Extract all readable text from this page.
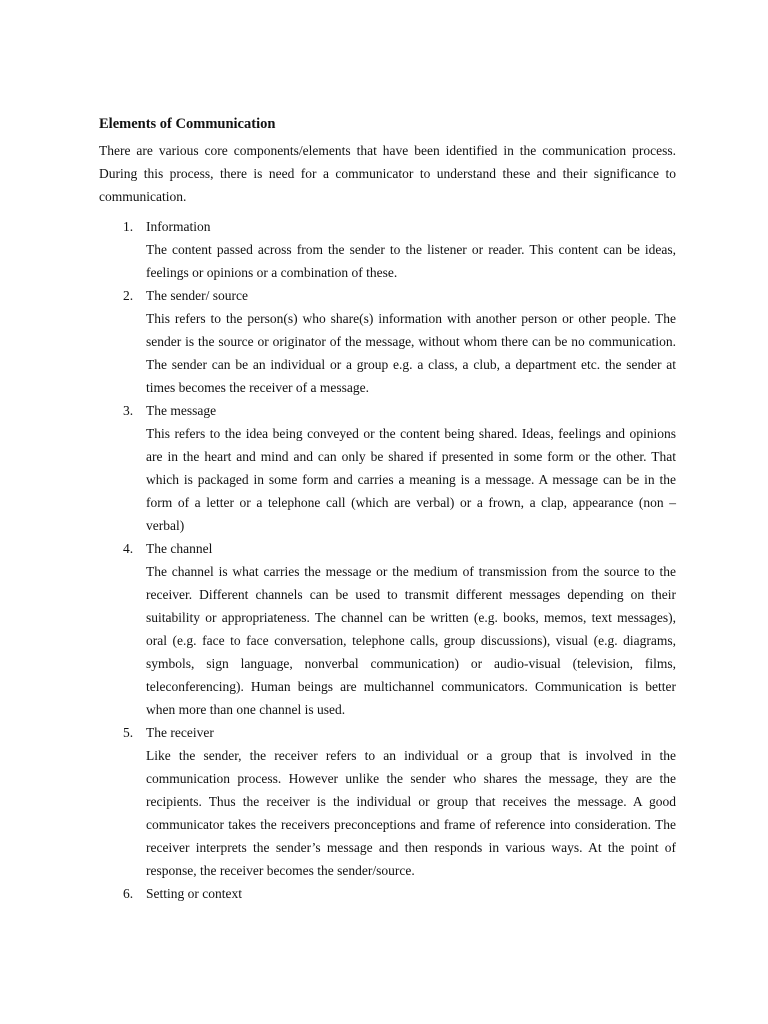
Elements of Communication

There are various core components/elements that have been identified in the communication process. During this process, there is need for a communicator to understand these and their significance to communication.

1. Information
The content passed across from the sender to the listener or reader. This content can be ideas, feelings or opinions or a combination of these.
2. The sender/ source
This refers to the person(s) who share(s) information with another person or other people. The sender is the source or originator of the message, without whom there can be no communication. The sender can be an individual or a group e.g. a class, a club, a department etc. the sender at times becomes the receiver of a message.
3. The message
This refers to the idea being conveyed or the content being shared. Ideas, feelings and opinions are in the heart and mind and can only be shared if presented in some form or the other. That which is packaged in some form and carries a meaning is a message. A message can be in the form of a letter or a telephone call (which are verbal) or a frown, a clap, appearance (non – verbal)
4. The channel
The channel is what carries the message or the medium of transmission from the source to the receiver. Different channels can be used to transmit different messages depending on their suitability or appropriateness. The channel can be written (e.g. books, memos, text messages), oral (e.g. face to face conversation, telephone calls, group discussions), visual (e.g. diagrams, symbols, sign language, nonverbal communication) or audio-visual (television, films, teleconferencing). Human beings are multichannel communicators. Communication is better when more than one channel is used.
5. The receiver
Like the sender, the receiver refers to an individual or a group that is involved in the communication process. However unlike the sender who shares the message, they are the recipients. Thus the receiver is the individual or group that receives the message. A good communicator takes the receivers preconceptions and frame of reference into consideration. The receiver interprets the sender’s message and then responds in various ways. At the point of response, the receiver becomes the sender/source.
6. Setting or context
